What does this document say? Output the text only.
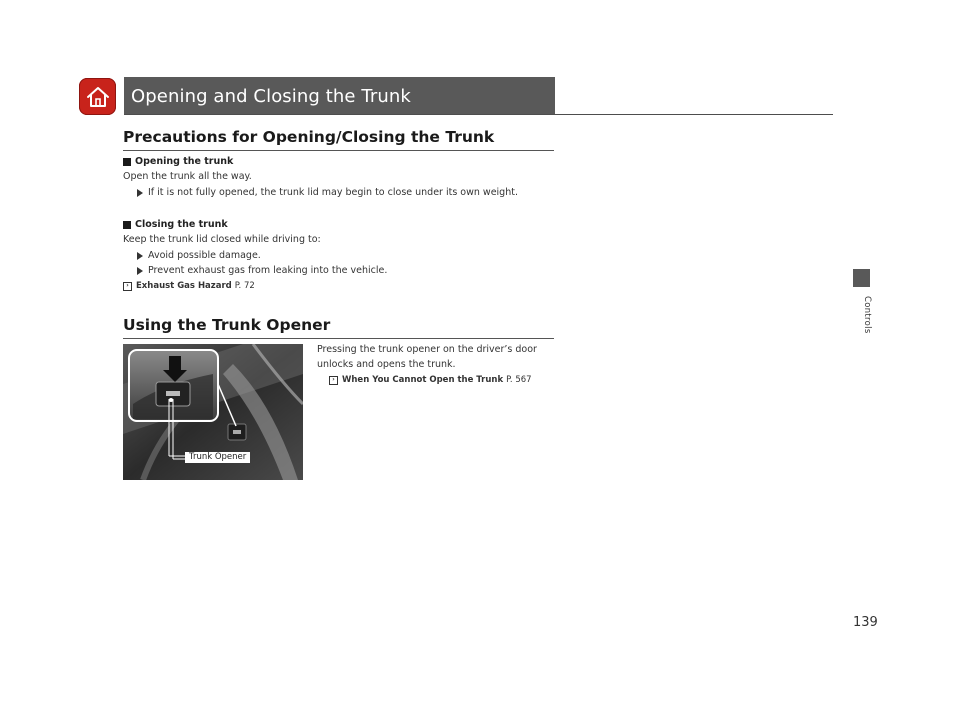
Opening and Closing the Trunk
Controls
Precautions for Opening/Closing the Trunk
Opening the trunk
Open the trunk all the way.
If it is not fully opened, the trunk lid may begin to close under its own weight.
Closing the trunk
Keep the trunk lid closed while driving to:
Avoid possible damage.
Prevent exhaust gas from leaking into the vehicle.
› Exhaust Gas Hazard P. 72
Using the Trunk Opener
Pressing the trunk opener on the driver’s door
unlocks and opens the trunk.
› When You Cannot Open the Trunk P. 567
Trunk Opener
139
